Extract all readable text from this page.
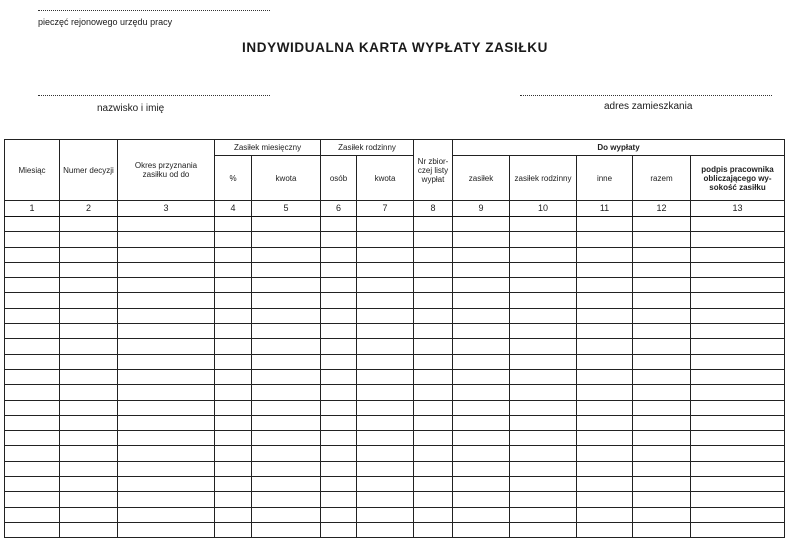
pieczęć rejonowego urzędu pracy
INDYWIDUALNA KARTA WYPŁATY ZASIŁKU
nazwisko i imię	adres zamieszkania
Miesiąc	Numer decyzji	Okres przyznania zasiłku od do	Zasiłek miesięczny		Zasiłek rodzinny		Nr zbior-czej listy wypłat	Do wypłaty				
			%	kwota	osób	kwota		zasiłek	zasiłek rodzinny	inne	razem	podpis pracownika obliczającego wy-sokość zasiłku
1	2	3	4	5	6	7	8	9	10	11	12	13
